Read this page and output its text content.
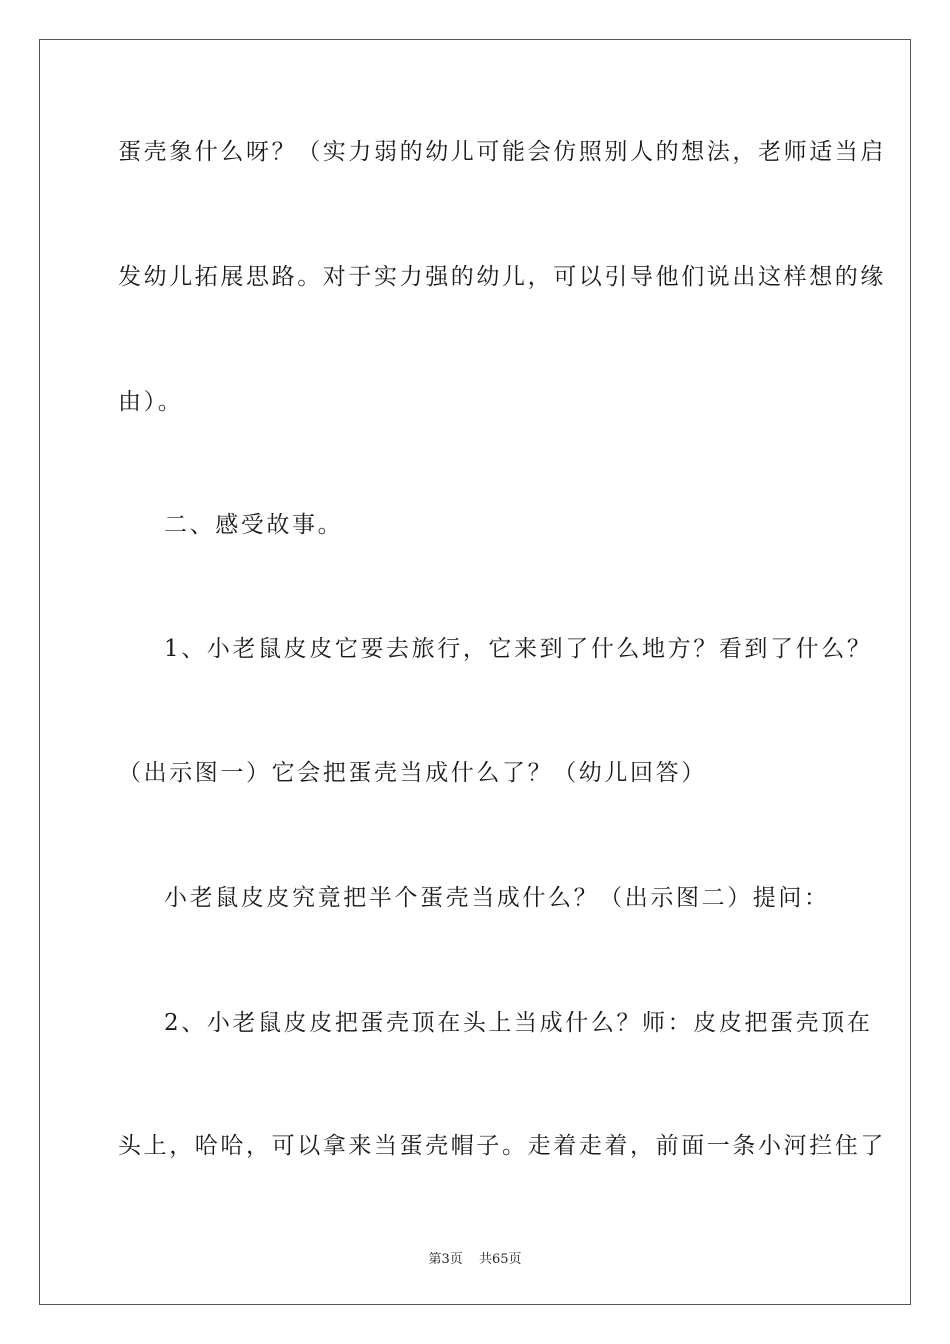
蛋壳象什么呀？（实力弱的幼儿可能会仿照别人的想法，老师适当启
发幼儿拓展思路。对于实力强的幼儿，可以引导他们说出这样想的缘
由）。
二、感受故事。
1、小老鼠皮皮它要去旅行，它来到了什么地方？看到了什么？
（出示图一）它会把蛋壳当成什么了？（幼儿回答）
小老鼠皮皮究竟把半个蛋壳当成什么？（出示图二）提问：
2、小老鼠皮皮把蛋壳顶在头上当成什么？师：皮皮把蛋壳顶在
头上，哈哈，可以拿来当蛋壳帽子。走着走着，前面一条小河拦住了
第3页 共65页
